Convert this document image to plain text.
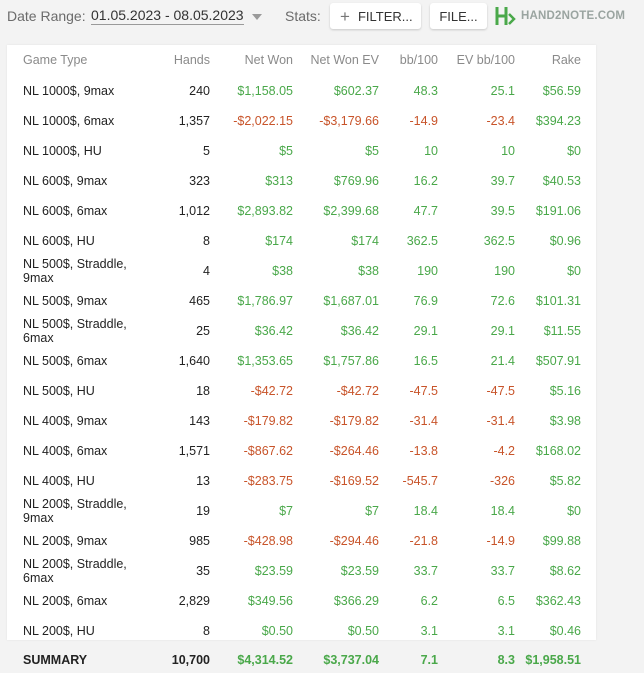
Date Range: 01.05.2023 - 08.05.2023	Stats: + FILTER... FILE...	HAND2NOTE.COM
Game Type	Hands	Net Won	Net Won EV	bb/100	EV bb/100	Rake
NL 1000$, 9max	240	$1,158.05	$602.37	48.3	25.1	$56.59
NL 1000$, 6max	1,357	-$2,022.15	-$3,179.66	-14.9	-23.4	$394.23
NL 1000$, HU	5	$5	$5	10	10	$0
NL 600$, 9max	323	$313	$769.96	16.2	39.7	$40.53
NL 600$, 6max	1,012	$2,893.82	$2,399.68	47.7	39.5	$191.06
NL 600$, HU	8	$174	$174	362.5	362.5	$0.96
NL 500$, Straddle, 9max	4	$38	$38	190	190	$0
NL 500$, 9max	465	$1,786.97	$1,687.01	76.9	72.6	$101.31
NL 500$, Straddle, 6max	25	$36.42	$36.42	29.1	29.1	$11.55
NL 500$, 6max	1,640	$1,353.65	$1,757.86	16.5	21.4	$507.91
NL 500$, HU	18	-$42.72	-$42.72	-47.5	-47.5	$5.16
NL 400$, 9max	143	-$179.82	-$179.82	-31.4	-31.4	$3.98
NL 400$, 6max	1,571	-$867.62	-$264.46	-13.8	-4.2	$168.02
NL 400$, HU	13	-$283.75	-$169.52	-545.7	-326	$5.82
NL 200$, Straddle, 9max	19	$7	$7	18.4	18.4	$0
NL 200$, 9max	985	-$428.98	-$294.46	-21.8	-14.9	$99.88
NL 200$, Straddle, 6max	35	$23.59	$23.59	33.7	33.7	$8.62
NL 200$, 6max	2,829	$349.56	$366.29	6.2	6.5	$362.43
NL 200$, HU	8	$0.50	$0.50	3.1	3.1	$0.46
SUMMARY	10,700	$4,314.52	$3,737.04	7.1	8.3	$1,958.51
